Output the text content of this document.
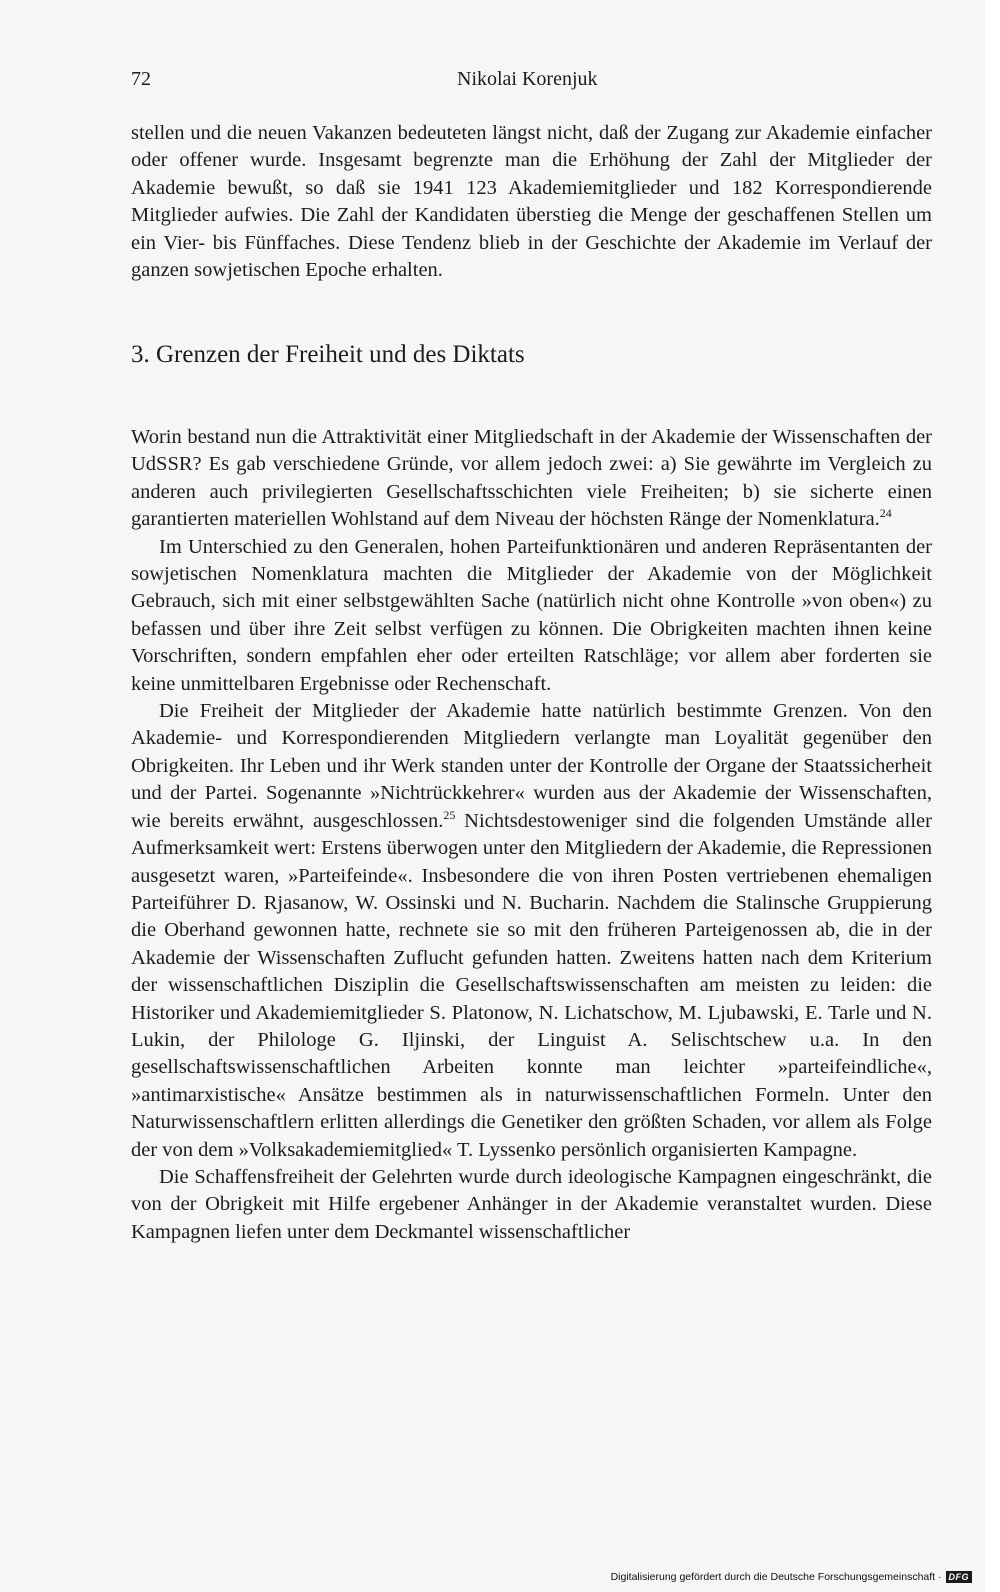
72	Nikolai Korenjuk

stellen und die neuen Vakanzen bedeuteten längst nicht, daß der Zugang zur Akademie einfacher oder offener wurde. Insgesamt begrenzte man die Erhöhung der Zahl der Mitglieder der Akademie bewußt, so daß sie 1941 123 Akademiemitglieder und 182 Korrespondierende Mitglieder aufwies. Die Zahl der Kandidaten überstieg die Menge der geschaffenen Stellen um ein Vier- bis Fünffaches. Diese Tendenz blieb in der Geschichte der Akademie im Verlauf der ganzen sowjetischen Epoche erhalten.

3. Grenzen der Freiheit und des Diktats

Worin bestand nun die Attraktivität einer Mitgliedschaft in der Akademie der Wissenschaften der UdSSR? Es gab verschiedene Gründe, vor allem jedoch zwei: a) Sie gewährte im Vergleich zu anderen auch privilegierten Gesellschaftsschichten viele Freiheiten; b) sie sicherte einen garantierten materiellen Wohlstand auf dem Niveau der höchsten Ränge der Nomenklatura.$^{24}$

Im Unterschied zu den Generalen, hohen Parteifunktionären und anderen Repräsentanten der sowjetischen Nomenklatura machten die Mitglieder der Akademie von der Möglichkeit Gebrauch, sich mit einer selbstgewählten Sache (natürlich nicht ohne Kontrolle »von oben«) zu befassen und über ihre Zeit selbst verfügen zu können. Die Obrigkeiten machten ihnen keine Vorschriften, sondern empfahlen eher oder erteilten Ratschläge; vor allem aber forderten sie keine unmittelbaren Ergebnisse oder Rechenschaft.

Die Freiheit der Mitglieder der Akademie hatte natürlich bestimmte Grenzen. Von den Akademie- und Korrespondierenden Mitgliedern verlangte man Loyalität gegenüber den Obrigkeiten. Ihr Leben und ihr Werk standen unter der Kontrolle der Organe der Staatssicherheit und der Partei. Sogenannte »Nichtrückkehrer« wurden aus der Akademie der Wissenschaften, wie bereits erwähnt, ausgeschlossen.$^{25}$ Nichtsdestoweniger sind die folgenden Umstände aller Aufmerksamkeit wert: Erstens überwogen unter den Mitgliedern der Akademie, die Repressionen ausgesetzt waren, »Parteifeinde«. Insbesondere die von ihren Posten vertriebenen ehemaligen Parteiführer D. Rjasanow, W. Ossinski und N. Bucharin. Nachdem die Stalinsche Gruppierung die Oberhand gewonnen hatte, rechnete sie so mit den früheren Parteigenossen ab, die in der Akademie der Wissenschaften Zuflucht gefunden hatten. Zweitens hatten nach dem Kriterium der wissenschaftlichen Disziplin die Gesellschaftswissenschaften am meisten zu leiden: die Historiker und Akademiemitglieder S. Platonow, N. Lichatschow, M. Ljubawski, E. Tarle und N. Lukin, der Philologe G. Iljinski, der Linguist A. Selischtschew u.a. In den gesellschaftswissenschaftlichen Arbeiten konnte man leichter »parteifeindliche«, »antimarxistische« Ansätze bestimmen als in naturwissenschaftlichen Formeln. Unter den Naturwissenschaftlern erlitten allerdings die Genetiker den größten Schaden, vor allem als Folge der von dem »Volksakademiemitglied« T. Lyssenko persönlich organisierten Kampagne.

Die Schaffensfreiheit der Gelehrten wurde durch ideologische Kampagnen eingeschränkt, die von der Obrigkeit mit Hilfe ergebener Anhänger in der Akademie veranstaltet wurden. Diese Kampagnen liefen unter dem Deckmantel wissenschaftlicher

Digitalisierung gefördert durch die Deutsche Forschungsgemeinschaft · DFG
